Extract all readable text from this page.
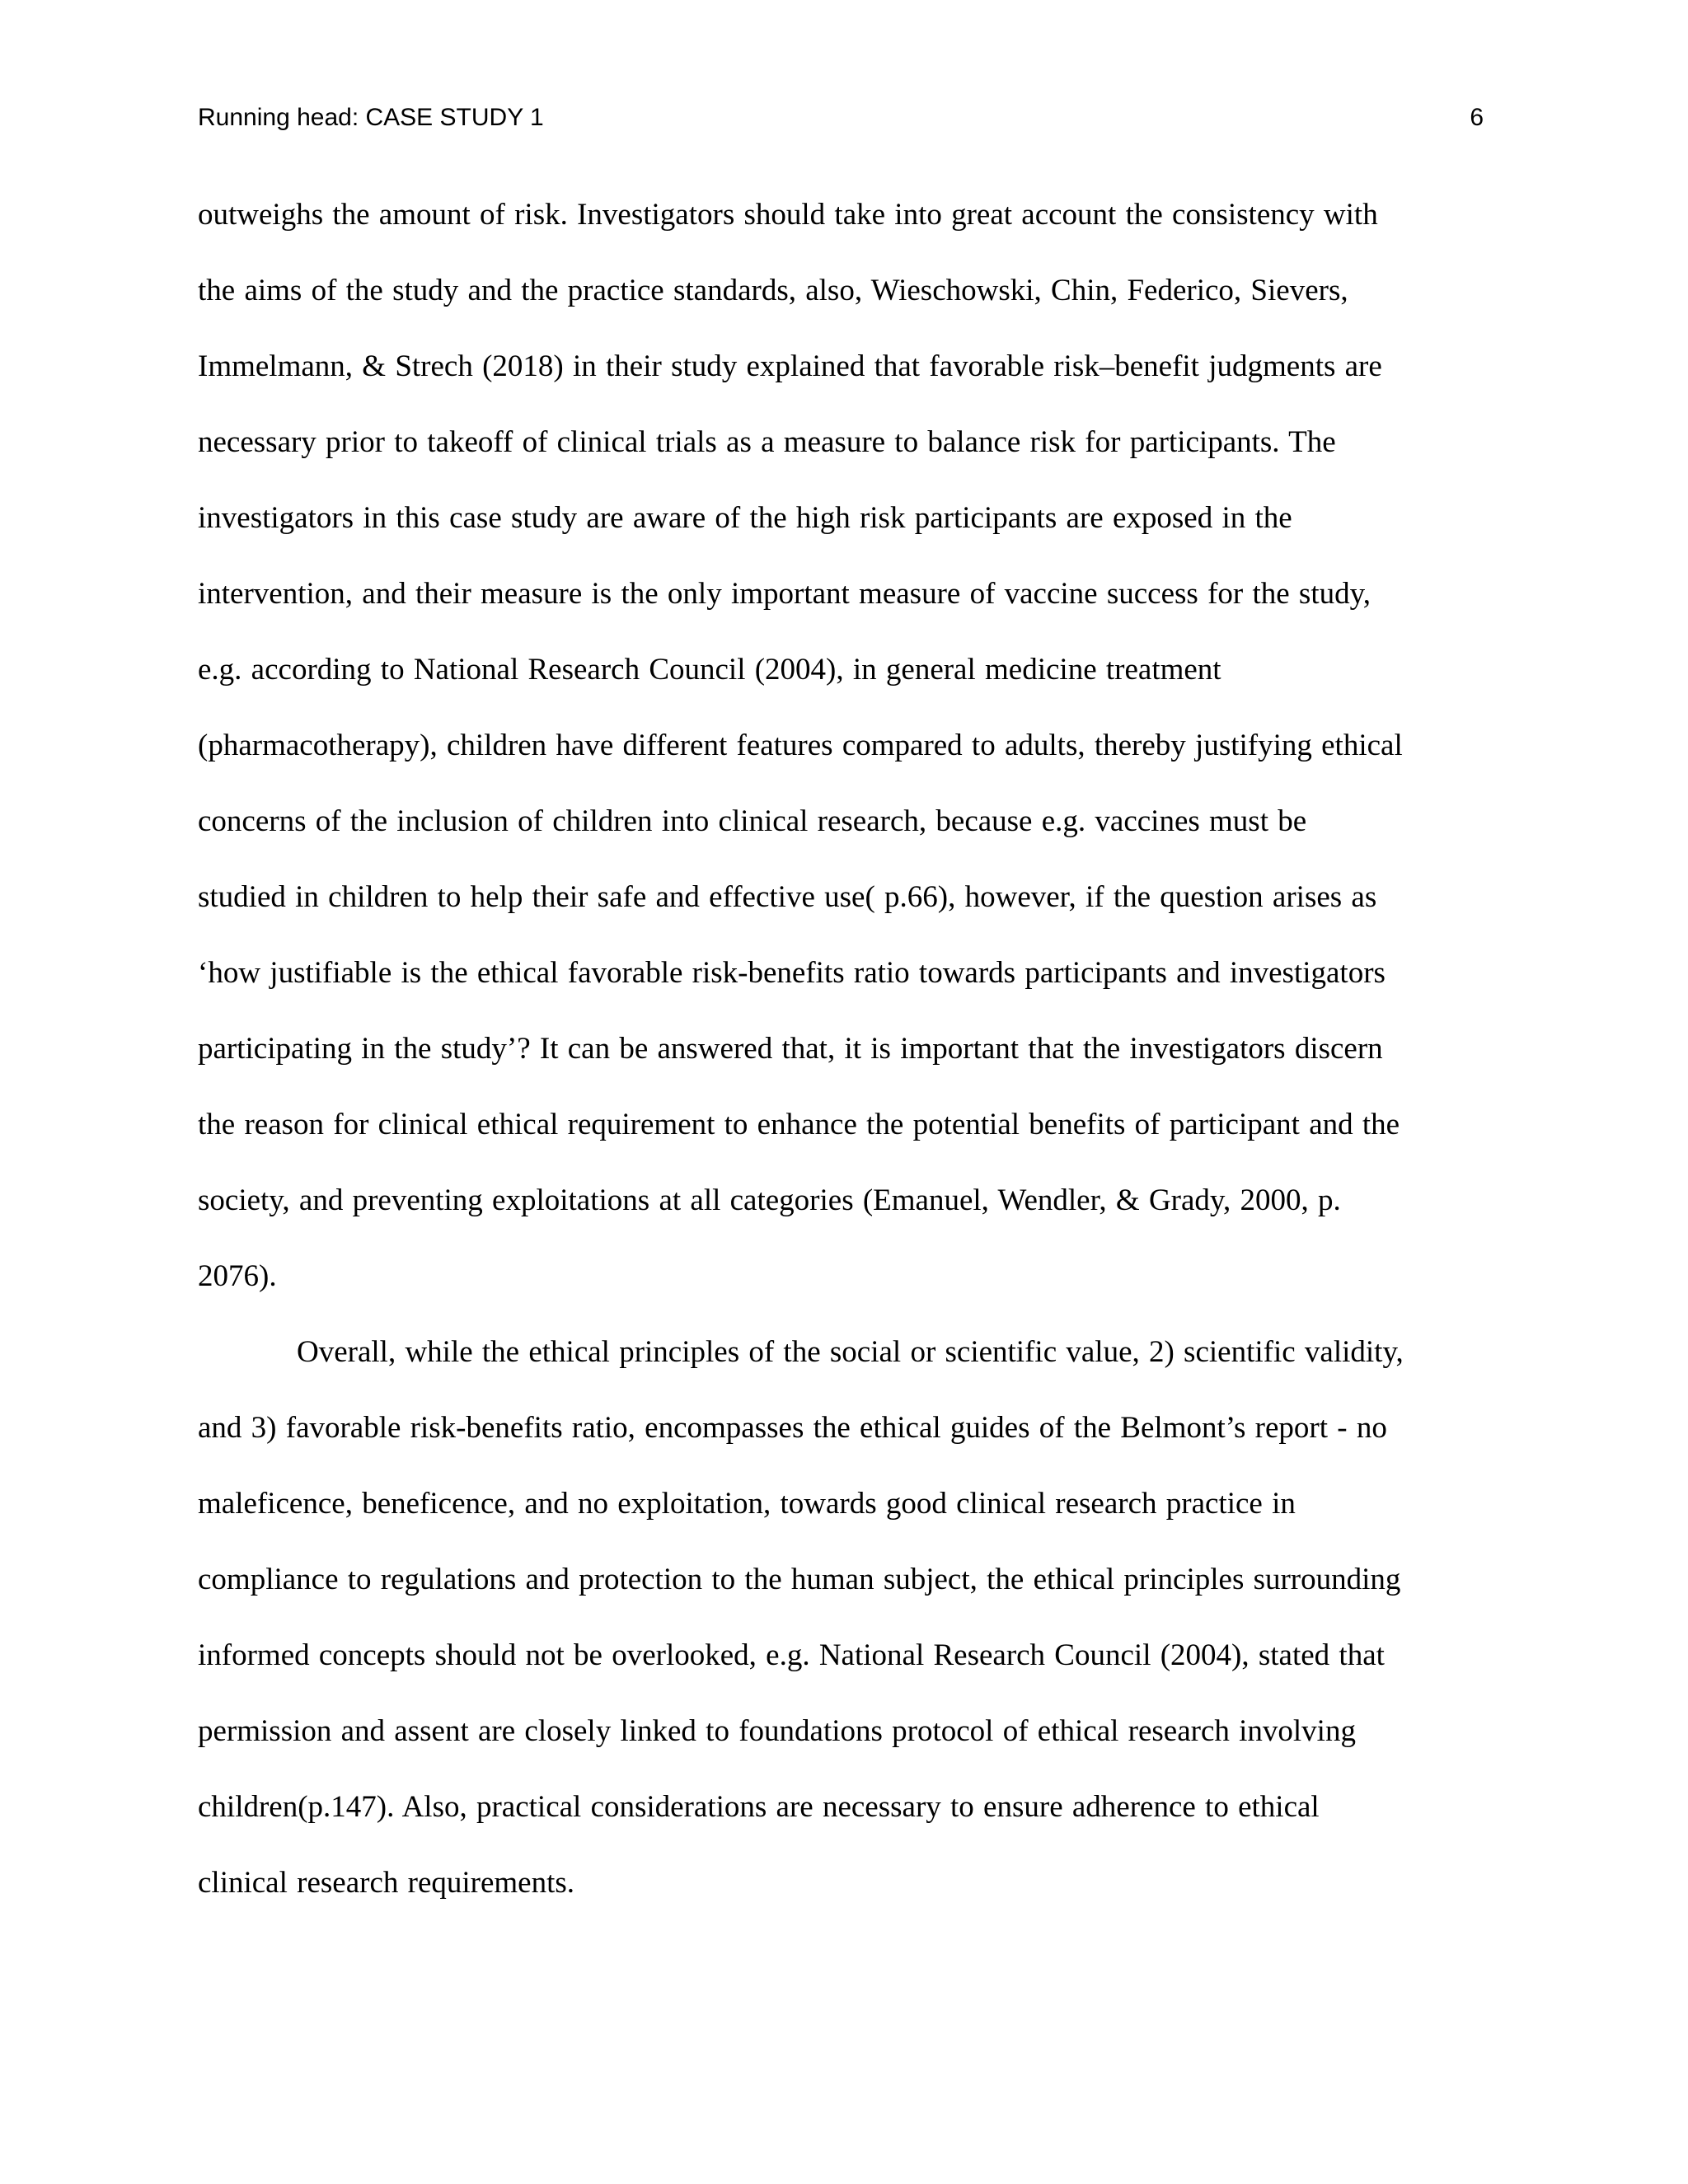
Running head: CASE STUDY 1	6
outweighs the amount of risk. Investigators should take into great account the consistency with
the aims of the study and the practice standards, also, Wieschowski, Chin, Federico, Sievers,
Immelmann, & Strech (2018) in their study explained that favorable risk–benefit judgments are
necessary prior to takeoff of clinical trials as a measure to balance risk for participants. The
investigators in this case study are aware of the high risk participants are exposed in the
intervention, and their measure is the only important measure of vaccine success for the study,
e.g. according to National Research Council (2004), in general medicine treatment
(pharmacotherapy), children have different features compared to adults, thereby justifying ethical
concerns of the inclusion of children into clinical research, because e.g. vaccines must be
studied in children to help their safe and effective use( p.66), however, if the question arises as
‘how justifiable is the ethical favorable risk-benefits ratio towards participants and investigators
participating in the study’? It can be answered that, it is important that the investigators discern
the reason for clinical ethical requirement to enhance the potential benefits of participant and the
society, and preventing exploitations at all categories (Emanuel, Wendler, & Grady, 2000, p.
2076).
Overall, while the ethical principles of the social or scientific value, 2) scientific validity,
and 3) favorable risk-benefits ratio, encompasses the ethical guides of the Belmont’s report - no
maleficence, beneficence, and no exploitation, towards good clinical research practice in
compliance to regulations and protection to the human subject, the ethical principles surrounding
informed concepts should not be overlooked, e.g. National Research Council (2004), stated that
permission and assent are closely linked to foundations protocol of ethical research involving
children(p.147). Also, practical considerations are necessary to ensure adherence to ethical
clinical research requirements.
